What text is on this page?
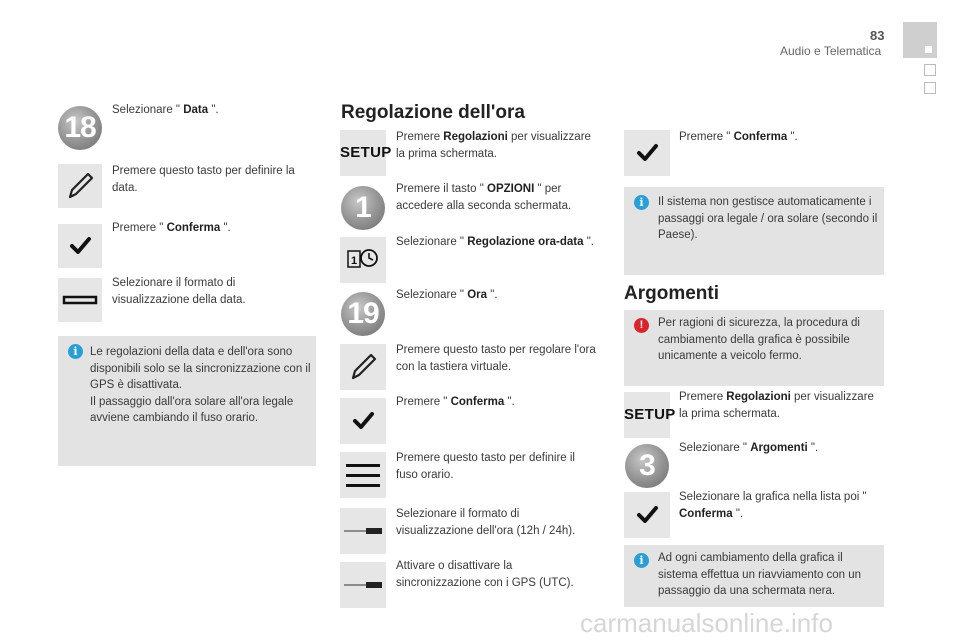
83
Audio e Telematica
18
Selezionare " Data ".
Premere questo tasto per definire la data.
Premere " Conferma ".
Selezionare il formato di visualizzazione della data.
i	Le regolazioni della data e dell'ora sono disponibili solo se la sincronizzazione con il GPS è disattivata.
Il passaggio dall'ora solare all'ora legale avviene cambiando il fuso orario.
Regolazione dell'ora
SETUP
Premere Regolazioni per visualizzare la prima schermata.
1
Premere il tasto " OPZIONI " per accedere alla seconda schermata.
1
Selezionare " Regolazione ora-data ".
19
Selezionare " Ora ".
Premere questo tasto per regolare l'ora con la tastiera virtuale.
Premere " Conferma ".
Premere questo tasto per definire il fuso orario.
Selezionare il formato di visualizzazione dell'ora (12h / 24h).
Attivare o disattivare la sincronizzazione con i GPS (UTC).
Premere " Conferma ".
i	Il sistema non gestisce automaticamente i passaggi ora legale / ora solare (secondo il Paese).
Argomenti
!	Per ragioni di sicurezza, la procedura di cambiamento della grafica è possibile unicamente a veicolo fermo.
SETUP
Premere Regolazioni per visualizzare la prima schermata.
3
Selezionare " Argomenti ".
Selezionare la grafica nella lista poi " Conferma ".
i	Ad ogni cambiamento della grafica il sistema effettua un riavviamento con un passaggio da una schermata nera.
carmanualsonline.info
